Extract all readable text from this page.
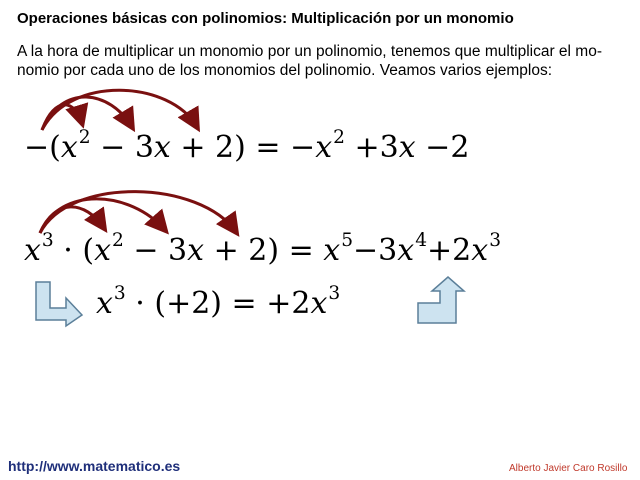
Operaciones básicas con polinomios: Multiplicación por un monomio
A la hora de multiplicar un monomio por un polinomio, tenemos que multiplicar el mo-nomio por cada uno de los monomios del polinomio. Veamos varios ejemplos:
$-(x^2 - 3x + 2) = -x^2 +3x -2$
$x^3 \cdot (x^2 - 3x + 2) = x^5-3x^4+2x^3$
$x^3 \cdot (+2) = +2x^3$
http://www.matematico.es	Alberto Javier Caro Rosillo
